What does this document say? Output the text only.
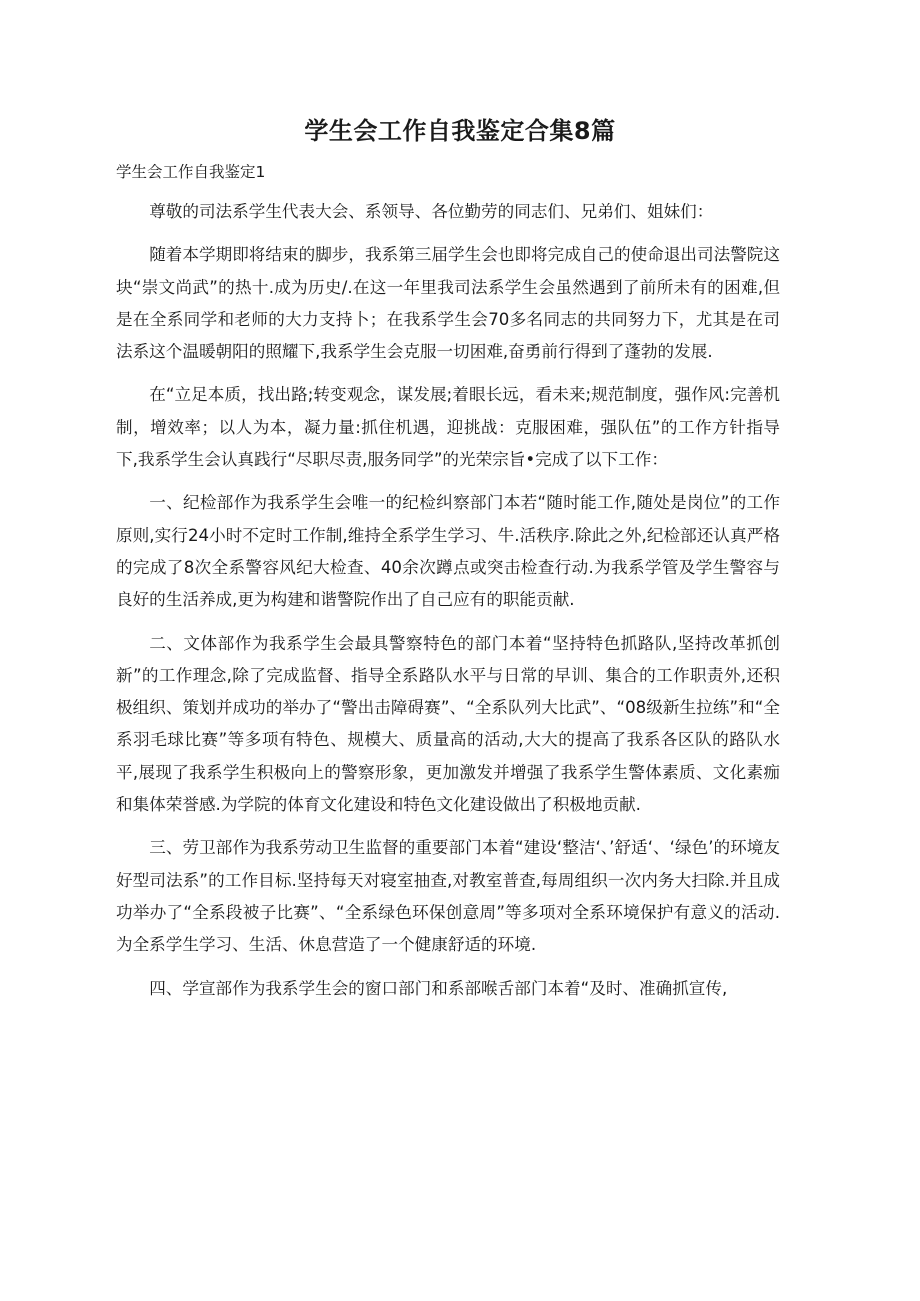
学生会工作自我鉴定合集8篇

学生会工作自我鉴定1

尊敬的司法系学生代表大会、系领导、各位勤劳的同志们、兄弟们、姐妹们：

随着本学期即将结束的脚步，我系第三届学生会也即将完成自己的使命退出司法警院这块“崇文尚武”的热十.成为历史/.在这一年里我司法系学生会虽然遇到了前所未有的困难,但是在全系同学和老师的大力支持卜；在我系学生会70多名同志的共同努力下，尤其是在司法系这个温暖朝阳的照耀下,我系学生会克服一切困难,奋勇前行得到了蓬勃的发展.

在“立足本质，找出路;转变观念，谋发展;着眼长远，看未来;规范制度，强作风:完善机制，增效率；以人为本，凝力量:抓住机遇，迎挑战：克服困难，强队伍”的工作方针指导下,我系学生会认真践行“尽职尽责,服务同学”的光荣宗旨•完成了以下工作：

一、纪检部作为我系学生会唯一的纪检纠察部门本若“随时能工作,随处是岗位”的工作原则,实行24小时不定时工作制,维持全系学生学习、牛.活秩序.除此之外,纪检部还认真严格的完成了8次全系警容风纪大检查、40余次蹲点或突击检查行动.为我系学管及学生警容与良好的生活养成,更为构建和谐警院作出了自己应有的职能贡献.

二、文体部作为我系学生会最具警察特色的部门本着“坚持特色抓路队,坚持改革抓创新”的工作理念,除了完成监督、指导全系路队水平与日常的早训、集合的工作职责外,还积极组织、策划并成功的举办了“警出击障碍赛”、“全系队列大比武”、“08级新生拉练”和“全系羽毛球比赛”等多项有特色、规模大、质量高的活动,大大的提高了我系各区队的路队水平,展现了我系学生积极向上的警察形象，更加激发并增强了我系学生警体素质、文化素痂和集体荣誉感.为学院的体育文化建设和特色文化建设做出了积极地贡献.

三、劳卫部作为我系劳动卫生监督的重要部门本着“建设‘整洁‘、’舒适‘、‘绿色’的环境友好型司法系”的工作目标.坚持每天对寝室抽查,对教室普查,每周组织一次内务大扫除.并且成功举办了“全系段被子比赛”、“全系绿色环保创意周”等多项对全系环境保护有意义的活动.为全系学生学习、生活、休息营造了一个健康舒适的环境.

四、学宣部作为我系学生会的窗口部门和系部喉舌部门本着“及时、准确抓宣传,
